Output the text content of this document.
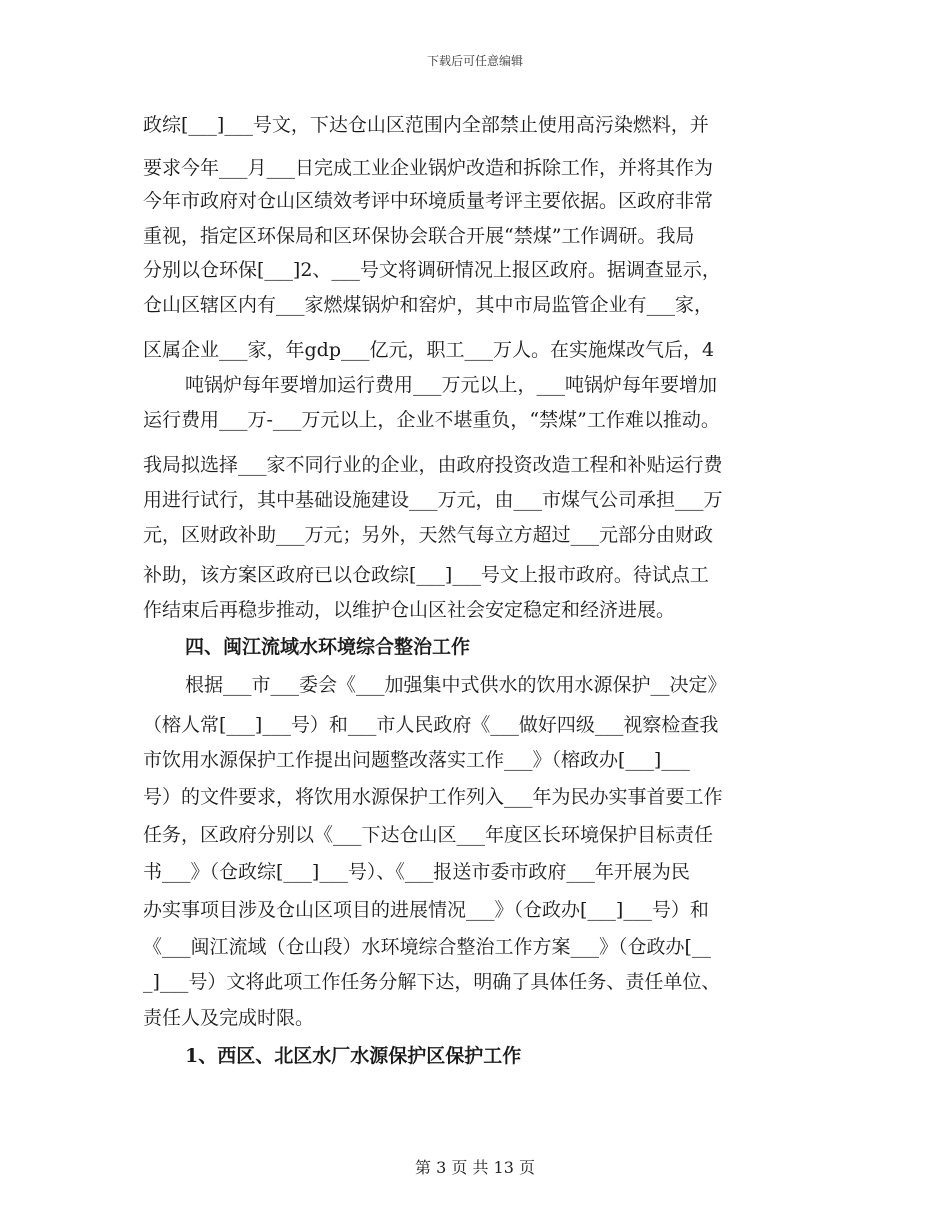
下载后可任意编辑
政综[___]___号文，下达仓山区范围内全部禁止使用高污染燃料，并
要求今年___月___日完成工业企业锅炉改造和拆除工作，并将其作为
今年市政府对仓山区绩效考评中环境质量考评主要依据。区政府非常
重视，指定区环保局和区环保协会联合开展“禁煤”工作调研。我局
分别以仓环保[___]2、___号文将调研情况上报区政府。据调查显示，
仓山区辖区内有___家燃煤锅炉和窑炉，其中市局监管企业有___家，
区属企业___家，年gdp___亿元，职工___万人。在实施煤改气后，4
吨锅炉每年要增加运行费用___万元以上，___吨锅炉每年要增加
运行费用___万-___万元以上，企业不堪重负，“禁煤”工作难以推动。
我局拟选择___家不同行业的企业，由政府投资改造工程和补贴运行费
用进行试行，其中基础设施建设___万元，由___市煤气公司承担___万
元，区财政补助___万元；另外，天然气每立方超过___元部分由财政
补助，该方案区政府已以仓政综[___]___号文上报市政府。待试点工
作结束后再稳步推动，以维护仓山区社会安定稳定和经济进展。
四、闽江流域水环境综合整治工作
根据___市___委会《___加强集中式供水的饮用水源保护__决定》
（榕人常[___]___号）和___市人民政府《___做好四级___视察检查我
市饮用水源保护工作提出问题整改落实工作___》（榕政办[___]___
号）的文件要求，将饮用水源保护工作列入___年为民办实事首要工作
任务，区政府分别以《___下达仓山区___年度区长环境保护目标责任
书___》（仓政综[___]___号）、《___报送市委市政府___年开展为民
办实事项目涉及仓山区项目的进展情况___》（仓政办[___]___号）和
《___闽江流域（仓山段）水环境综合整治工作方案___》（仓政办[__
_]___号）文将此项工作任务分解下达，明确了具体任务、责任单位、
责任人及完成时限。
1、西区、北区水厂水源保护区保护工作
第 3 页 共 13 页
